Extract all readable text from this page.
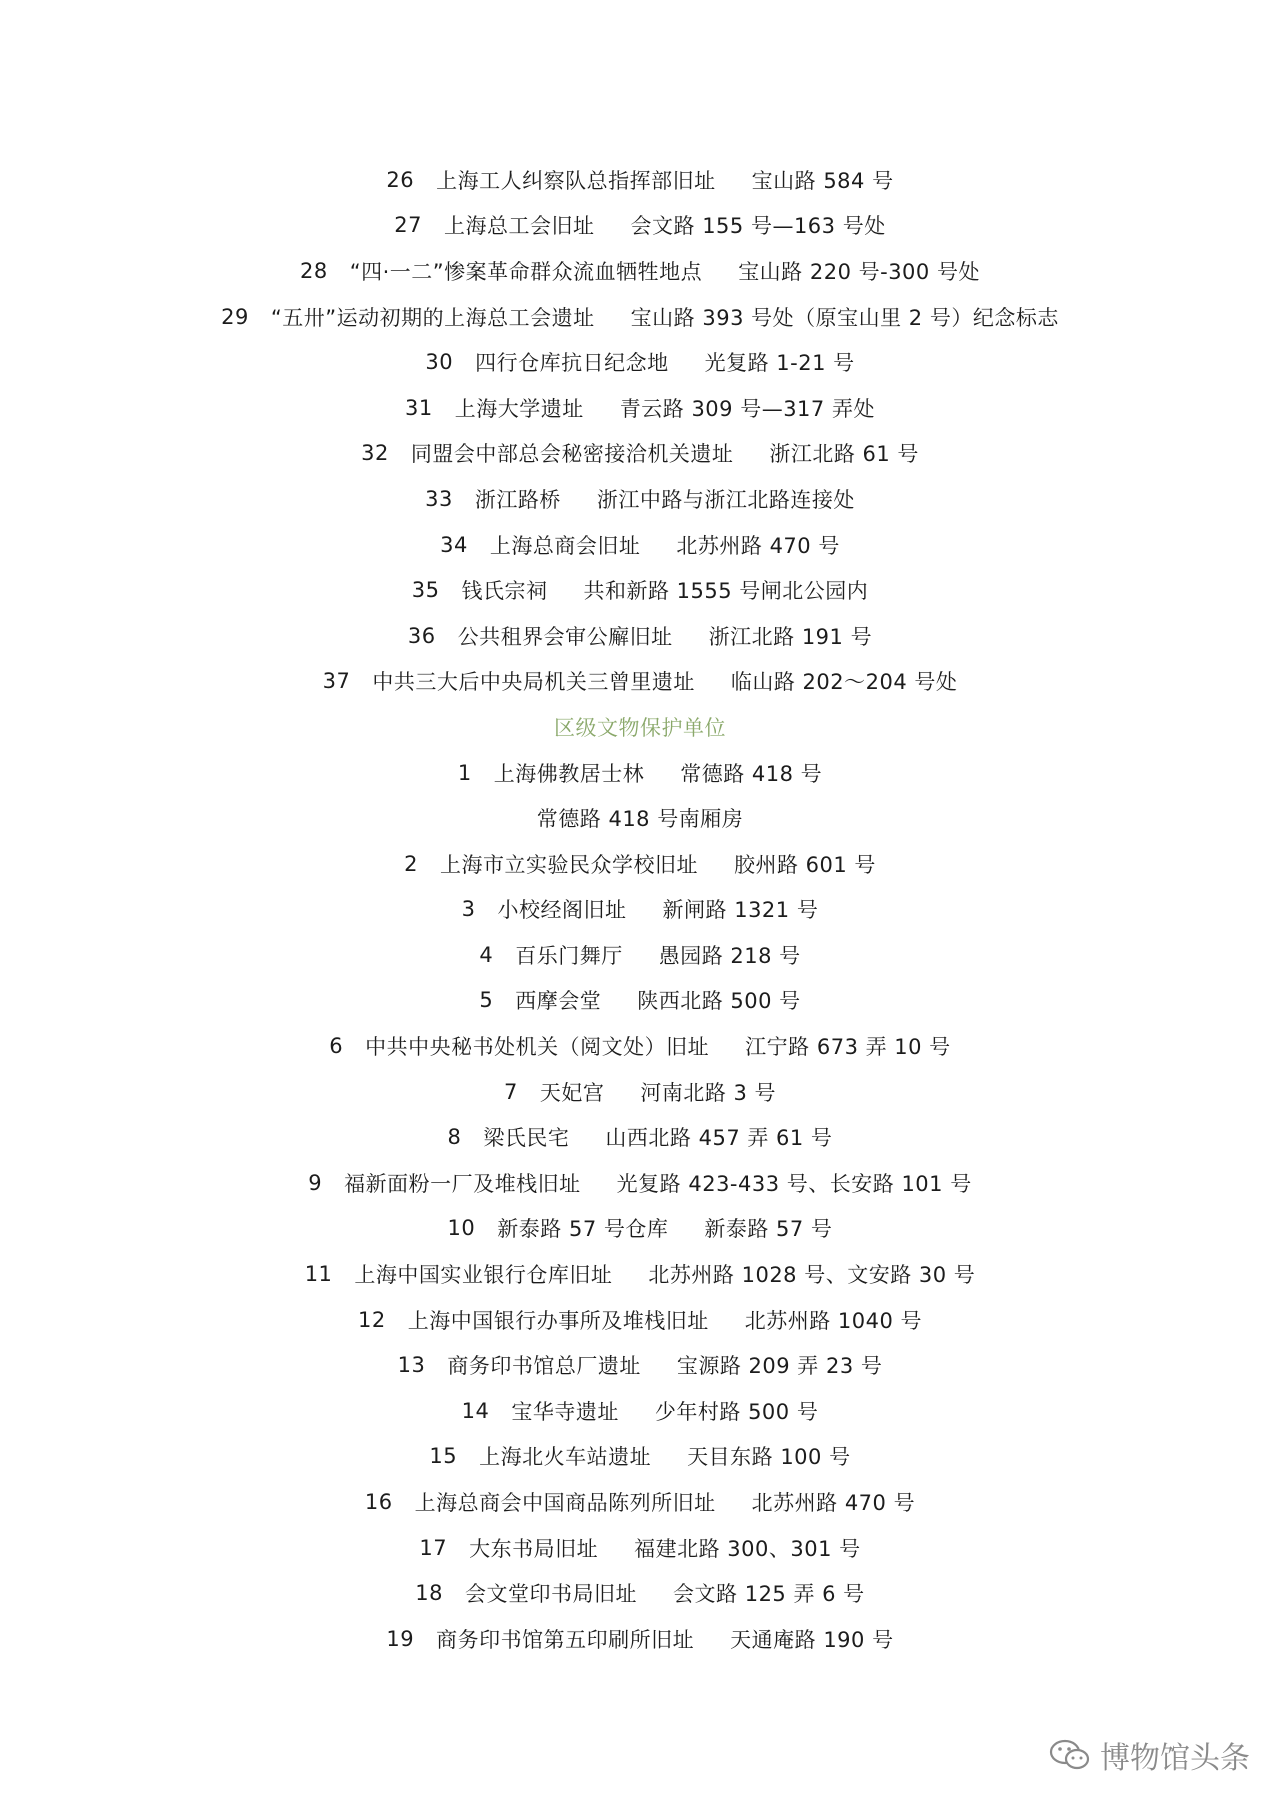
26 上海工人纠察队总指挥部旧址 宝山路 584 号
27 上海总工会旧址 会文路 155 号—163 号处
28 “四·一二”惨案革命群众流血牺牲地点 宝山路 220 号-300 号处
29 “五卅”运动初期的上海总工会遗址 宝山路 393 号处（原宝山里 2 号）纪念标志
30 四行仓库抗日纪念地 光复路 1-21 号
31 上海大学遗址 青云路 309 号—317 弄处
32 同盟会中部总会秘密接洽机关遗址 浙江北路 61 号
33 浙江路桥 浙江中路与浙江北路连接处
34 上海总商会旧址 北苏州路 470 号
35 钱氏宗祠 共和新路 1555 号闸北公园内
36 公共租界会审公廨旧址 浙江北路 191 号
37 中共三大后中央局机关三曾里遗址 临山路 202～204 号处
区级文物保护单位
1 上海佛教居士林 常德路 418 号
常德路 418 号南厢房
2 上海市立实验民众学校旧址 胶州路 601 号
3 小校经阁旧址 新闸路 1321 号
4 百乐门舞厅 愚园路 218 号
5 西摩会堂 陕西北路 500 号
6 中共中央秘书处机关（阅文处）旧址 江宁路 673 弄 10 号
7 天妃宫 河南北路 3 号
8 梁氏民宅 山西北路 457 弄 61 号
9 福新面粉一厂及堆栈旧址 光复路 423-433 号、长安路 101 号
10 新泰路 57 号仓库 新泰路 57 号
11 上海中国实业银行仓库旧址 北苏州路 1028 号、文安路 30 号
12 上海中国银行办事所及堆栈旧址 北苏州路 1040 号
13 商务印书馆总厂遗址 宝源路 209 弄 23 号
14 宝华寺遗址 少年村路 500 号
15 上海北火车站遗址 天目东路 100 号
16 上海总商会中国商品陈列所旧址 北苏州路 470 号
17 大东书局旧址 福建北路 300、301 号
18 会文堂印书局旧址 会文路 125 弄 6 号
19 商务印书馆第五印刷所旧址 天通庵路 190 号
博物馆头条
